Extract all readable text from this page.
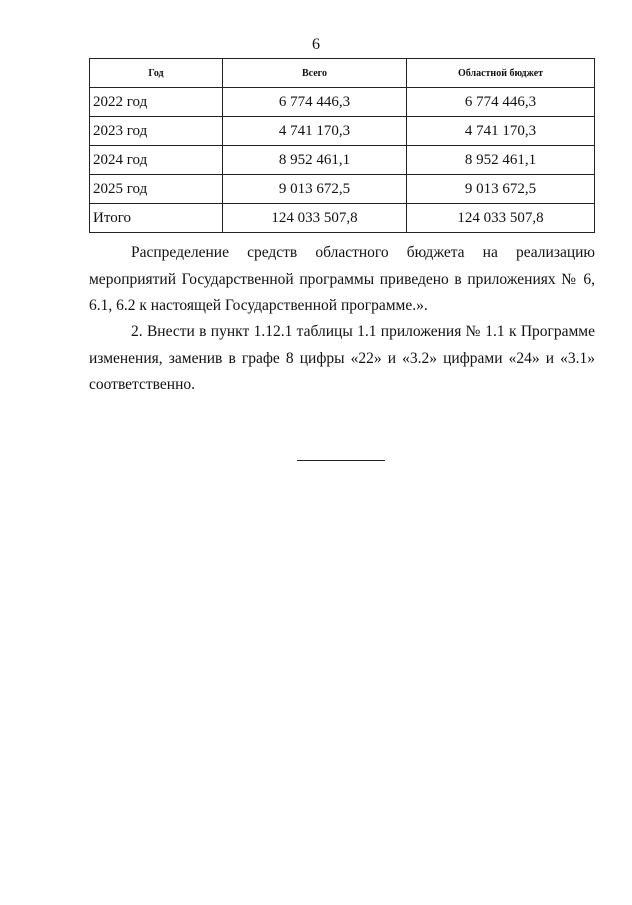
6
Год	Всего	Областной бюджет
2022 год	6 774 446,3	6 774 446,3
2023 год	4 741 170,3	4 741 170,3
2024 год	8 952 461,1	8 952 461,1
2025 год	9 013 672,5	9 013 672,5
Итого	124 033 507,8	124 033 507,8

Распределение средств областного бюджета на реализацию мероприятий Государственной программы приведено в приложениях № 6, 6.1, 6.2 к настоящей Государственной программе.».

2. Внести в пункт 1.12.1 таблицы 1.1 приложения № 1.1 к Программе изменения, заменив в графе 8 цифры «22» и «3.2» цифрами «24» и «3.1» соответственно.
